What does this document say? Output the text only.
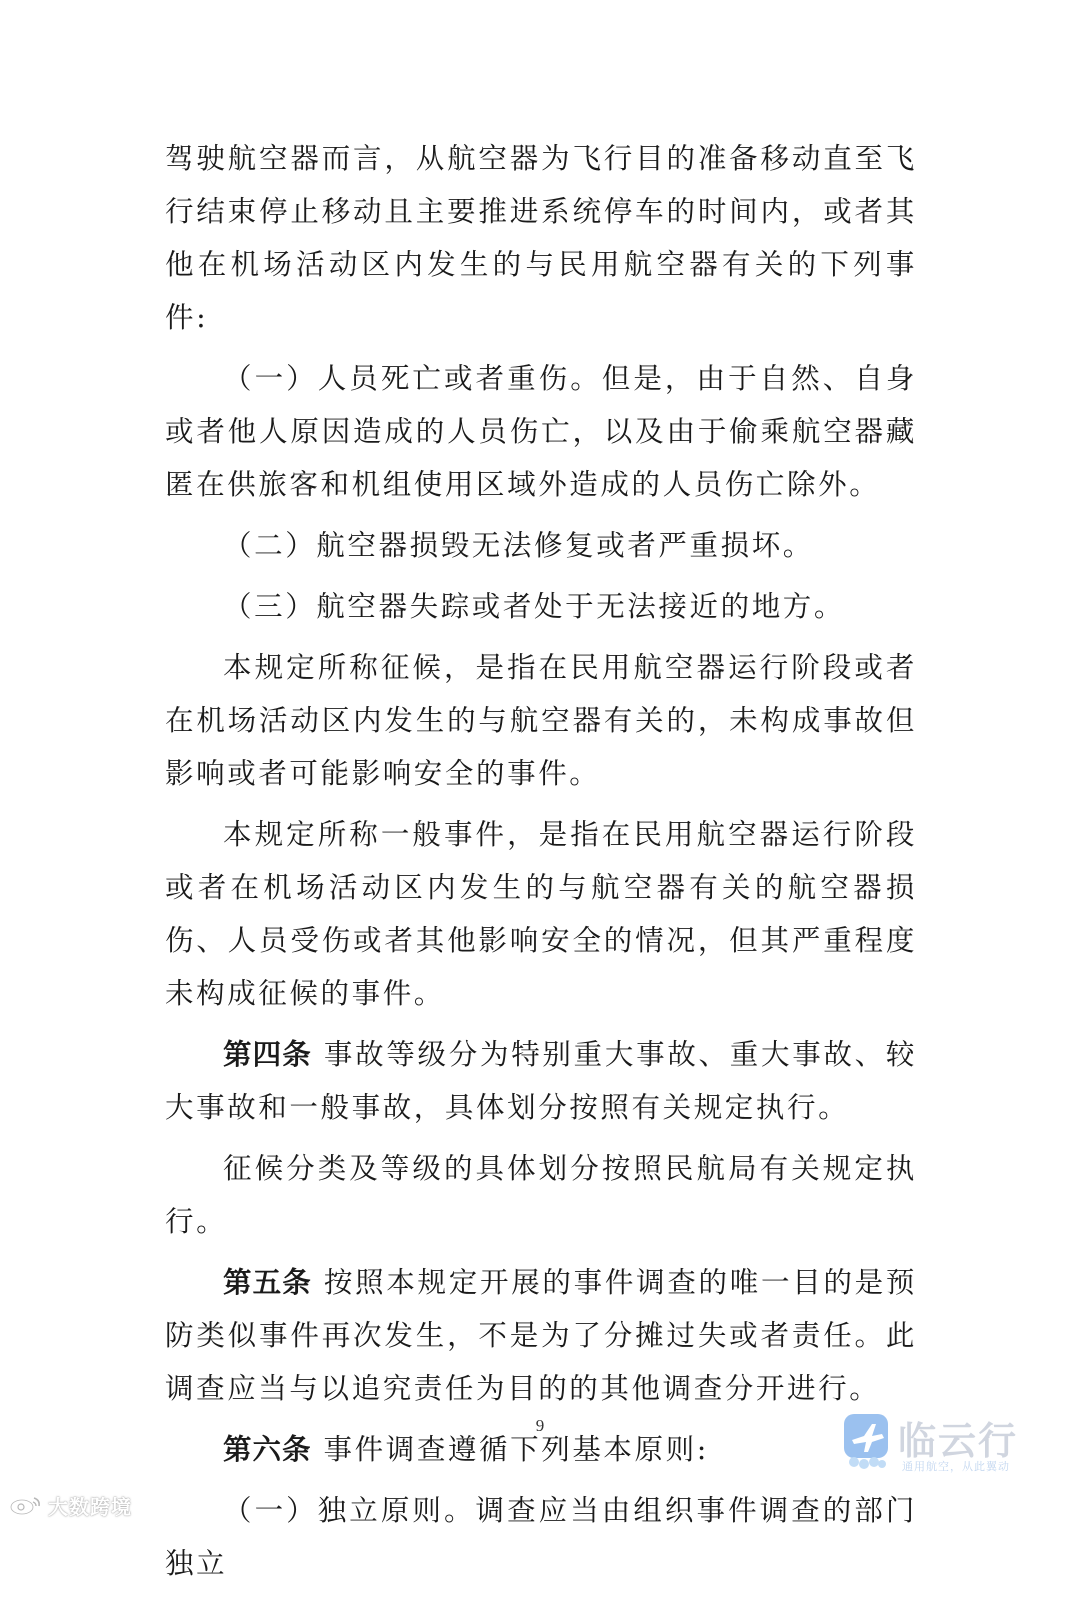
驾驶航空器而言，从航空器为飞行目的准备移动直至飞行结束停止移动且主要推进系统停车的时间内，或者其他在机场活动区内发生的与民用航空器有关的下列事件:

（一）人员死亡或者重伤。但是，由于自然、自身或者他人原因造成的人员伤亡，以及由于偷乘航空器藏匿在供旅客和机组使用区域外造成的人员伤亡除外。

（二）航空器损毁无法修复或者严重损坏。

（三）航空器失踪或者处于无法接近的地方。

本规定所称征候，是指在民用航空器运行阶段或者在机场活动区内发生的与航空器有关的，未构成事故但影响或者可能影响安全的事件。

本规定所称一般事件，是指在民用航空器运行阶段或者在机场活动区内发生的与航空器有关的航空器损伤、人员受伤或者其他影响安全的情况，但其严重程度未构成征候的事件。

第四条 事故等级分为特别重大事故、重大事故、较大事故和一般事故，具体划分按照有关规定执行。

征候分类及等级的具体划分按照民航局有关规定执行。

第五条 按照本规定开展的事件调查的唯一目的是预防类似事件再次发生，不是为了分摊过失或者责任。此调查应当与以追究责任为目的的其他调查分开进行。

第六条 事件调查遵循下列基本原则:

（一）独立原则。调查应当由组织事件调查的部门独立

9	临云行
通用航空，从此翼动
大数跨境
